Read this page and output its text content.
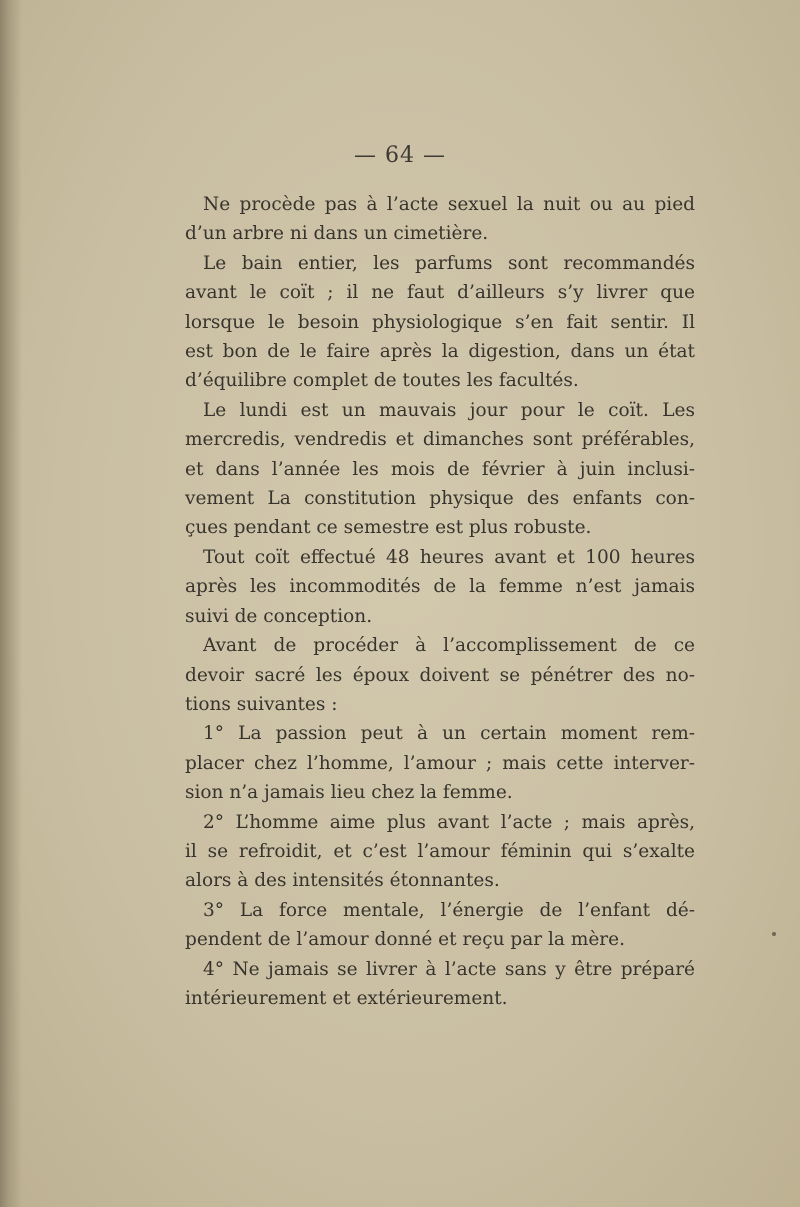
— 64 —
Ne procède pas à l’acte sexuel la nuit ou au pied
d’un arbre ni dans un cimetière.
Le bain entier, les parfums sont recommandés
avant le coït ; il ne faut d’ailleurs s’y livrer que
lorsque le besoin physiologique s’en fait sentir. Il
est bon de le faire après la digestion, dans un état
d’équilibre complet de toutes les facultés.
Le lundi est un mauvais jour pour le coït. Les
mercredis, vendredis et dimanches sont préférables,
et dans l’année les mois de février à juin inclusi-
vement La constitution physique des enfants con-
çues pendant ce semestre est plus robuste.
Tout coït effectué 48 heures avant et 100 heures
après les incommodités de la femme n’est jamais
suivi de conception.
Avant de procéder à l’accomplissement de ce
devoir sacré les époux doivent se pénétrer des no-
tions suivantes :
1° La passion peut à un certain moment rem-
placer chez l’homme, l’amour ; mais cette interver-
sion n’a jamais lieu chez la femme.
2° L’homme aime plus avant l’acte ; mais après,
il se refroidit, et c’est l’amour féminin qui s’exalte
alors à des intensités étonnantes.
3° La force mentale, l’énergie de l’enfant dé-
pendent de l’amour donné et reçu par la mère.
4° Ne jamais se livrer à l’acte sans y être préparé
intérieurement et extérieurement.
